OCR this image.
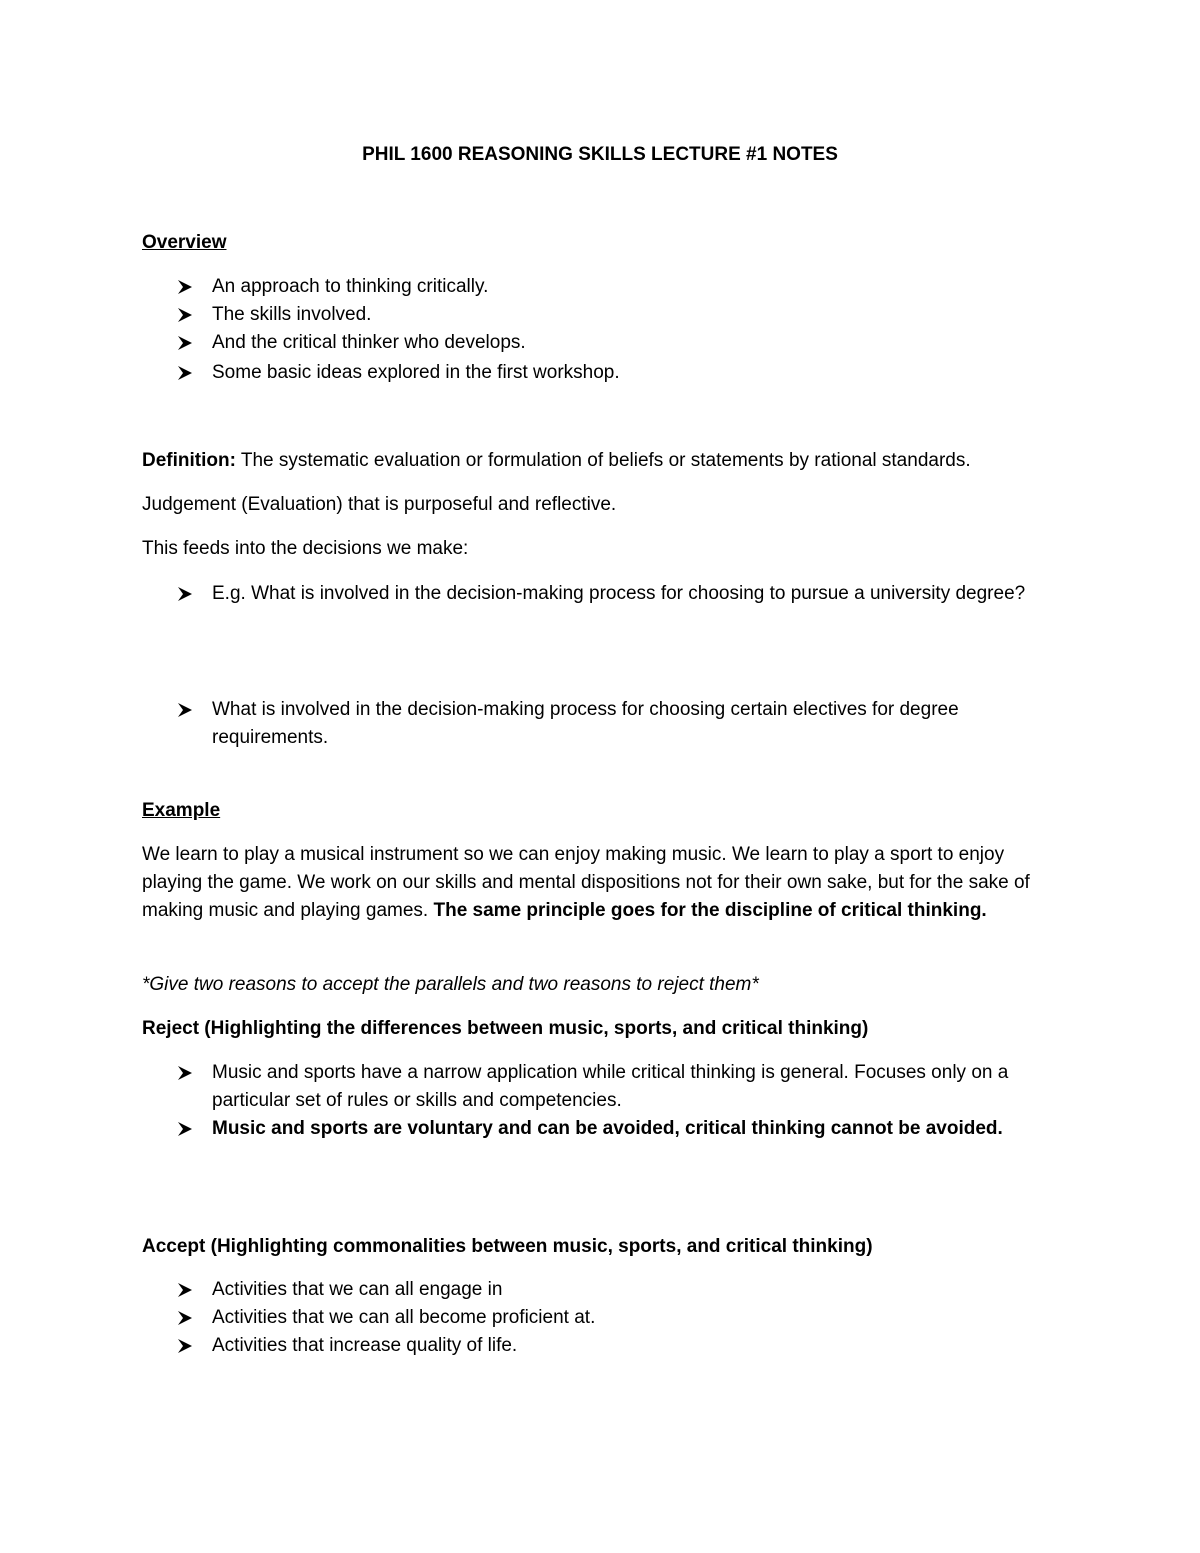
PHIL 1600 REASONING SKILLS LECTURE #1 NOTES
Overview
An approach to thinking critically.
The skills involved.
And the critical thinker who develops.
Some basic ideas explored in the first workshop.
Definition: The systematic evaluation or formulation of beliefs or statements by rational standards.
Judgement (Evaluation) that is purposeful and reflective.
This feeds into the decisions we make:
E.g. What is involved in the decision-making process for choosing to pursue a university degree?
What is involved in the decision-making process for choosing certain electives for degree requirements.
Example
We learn to play a musical instrument so we can enjoy making music. We learn to play a sport to enjoy playing the game. We work on our skills and mental dispositions not for their own sake, but for the sake of making music and playing games. The same principle goes for the discipline of critical thinking.
*Give two reasons to accept the parallels and two reasons to reject them*
Reject (Highlighting the differences between music, sports, and critical thinking)
Music and sports have a narrow application while critical thinking is general. Focuses only on a particular set of rules or skills and competencies.
Music and sports are voluntary and can be avoided, critical thinking cannot be avoided.
Accept (Highlighting commonalities between music, sports, and critical thinking)
Activities that we can all engage in
Activities that we can all become proficient at.
Activities that increase quality of life.
